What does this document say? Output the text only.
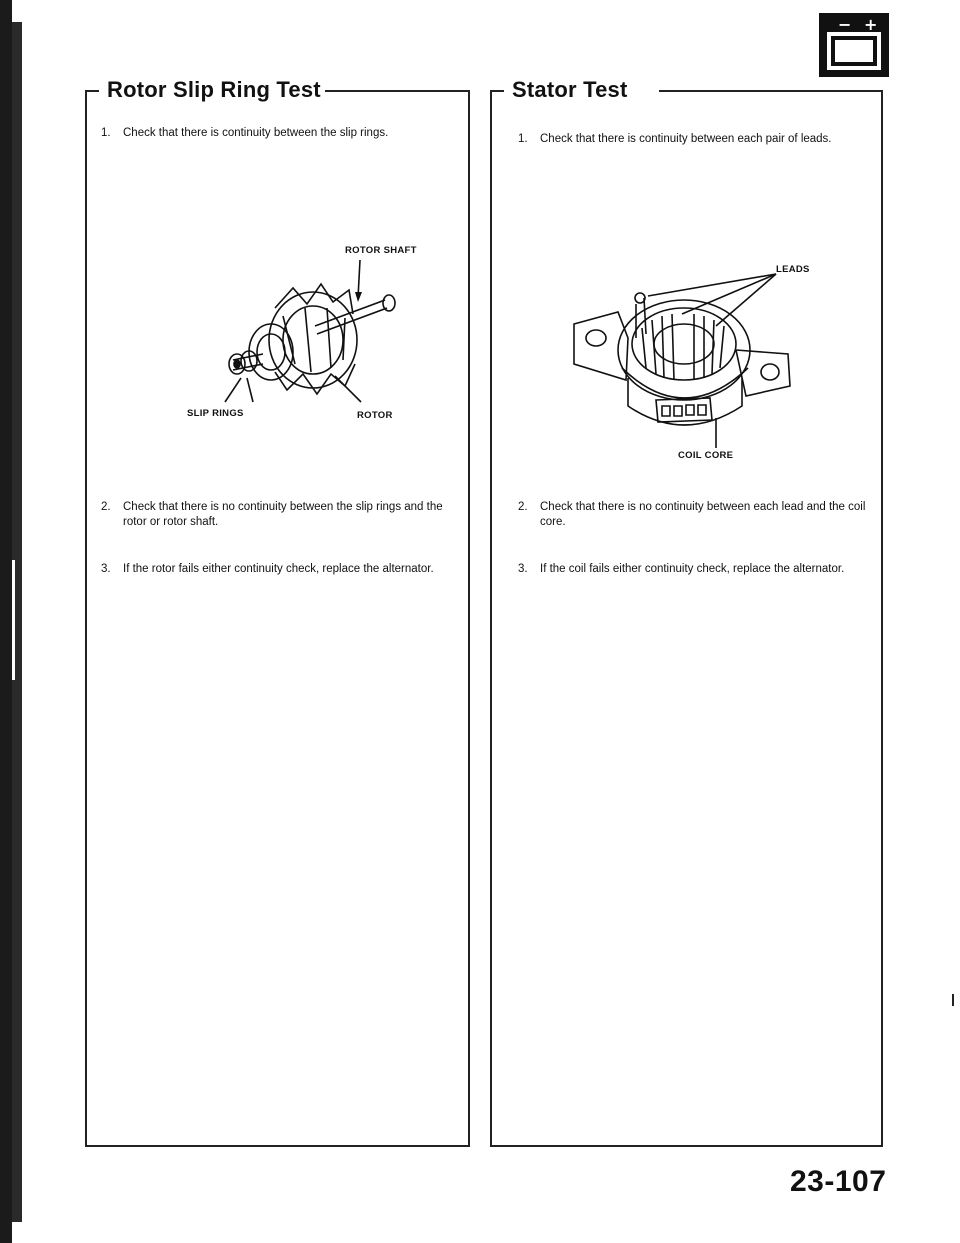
− +
Rotor Slip Ring Test
1.	Check that there is continuity between the slip rings.
ROTOR SHAFT
SLIP RINGS	ROTOR
2.	Check that there is no continuity between the slip rings and the rotor or rotor shaft.
3.	If the rotor fails either continuity check, replace the alternator.
Stator Test
1.	Check that there is continuity between each pair of leads.
LEADS
COIL CORE
2.	Check that there is no continuity between each lead and the coil core.
3.	If the coil fails either continuity check, replace the alternator.
23-107
